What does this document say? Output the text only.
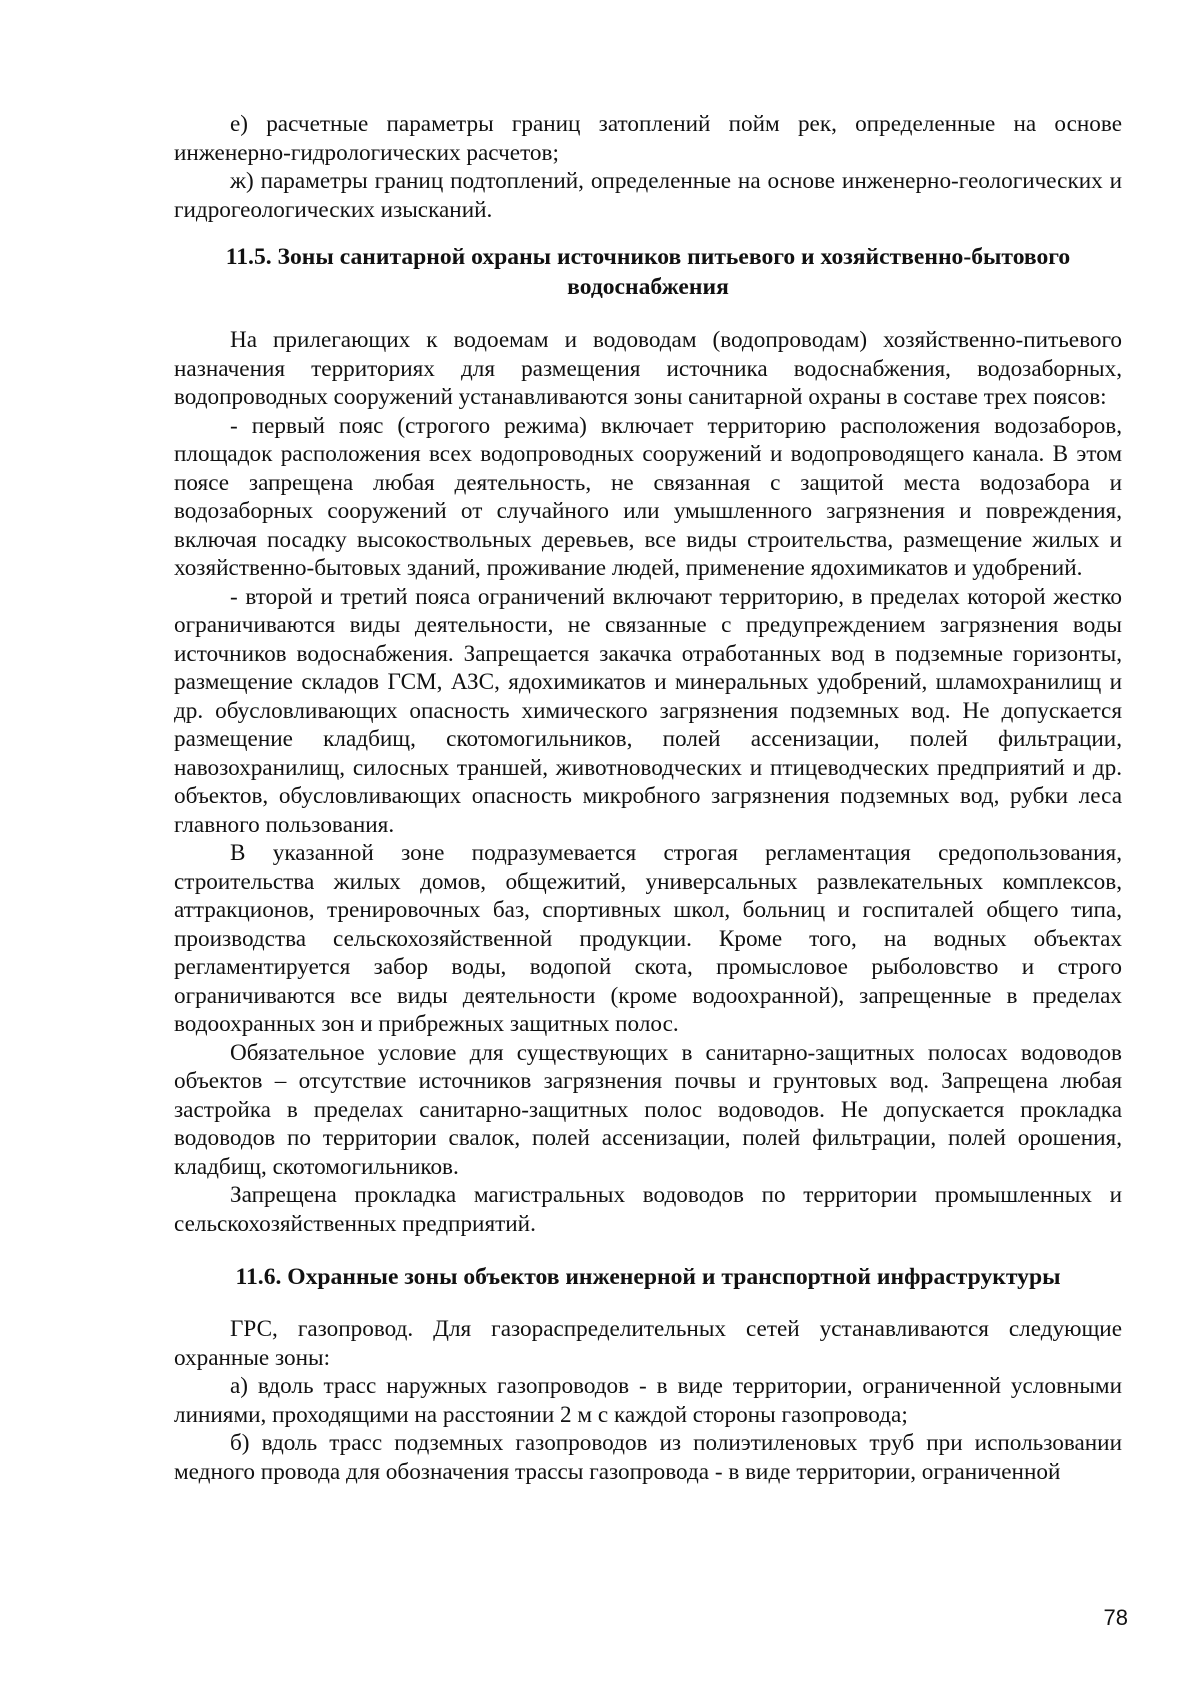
е) расчетные параметры границ затоплений пойм рек, определенные на основе инженерно-гидрологических расчетов;

ж) параметры границ подтоплений, определенные на основе инженерно-геологических и гидрогеологических изысканий.

11.5. Зоны санитарной охраны источников питьевого и хозяйственно-бытового водоснабжения

На прилегающих к водоемам и водоводам (водопроводам) хозяйственно-питьевого назначения территориях для размещения источника водоснабжения, водозаборных, водопроводных сооружений устанавливаются зоны санитарной охраны в составе трех поясов:

- первый пояс (строгого режима) включает территорию расположения водозаборов, площадок расположения всех водопроводных сооружений и водопроводящего канала. В этом поясе запрещена любая деятельность, не связанная с защитой места водозабора и водозаборных сооружений от случайного или умышленного загрязнения и повреждения, включая посадку высокоствольных деревьев, все виды строительства, размещение жилых и хозяйственно-бытовых зданий, проживание людей, применение ядохимикатов и удобрений.

- второй и третий пояса ограничений включают территорию, в пределах которой жестко ограничиваются виды деятельности, не связанные с предупреждением загрязнения воды источников водоснабжения. Запрещается закачка отработанных вод в подземные горизонты, размещение складов ГСМ, АЗС, ядохимикатов и минеральных удобрений, шламохранилищ и др. обусловливающих опасность химического загрязнения подземных вод. Не допускается размещение кладбищ, скотомогильников, полей ассенизации, полей фильтрации, навозохранилищ, силосных траншей, животноводческих и птицеводческих предприятий и др. объектов, обусловливающих опасность микробного загрязнения подземных вод, рубки леса главного пользования.

В указанной зоне подразумевается строгая регламентация средопользования, строительства жилых домов, общежитий, универсальных развлекательных комплексов, аттракционов, тренировочных баз, спортивных школ, больниц и госпиталей общего типа, производства сельскохозяйственной продукции. Кроме того, на водных объектах регламентируется забор воды, водопой скота, промысловое рыболовство и строго ограничиваются все виды деятельности (кроме водоохранной), запрещенные в пределах водоохранных зон и прибрежных защитных полос.

Обязательное условие для существующих в санитарно-защитных полосах водоводов объектов – отсутствие источников загрязнения почвы и грунтовых вод. Запрещена любая застройка в пределах санитарно-защитных полос водоводов. Не допускается прокладка водоводов по территории свалок, полей ассенизации, полей фильтрации, полей орошения, кладбищ, скотомогильников.

Запрещена прокладка магистральных водоводов по территории промышленных и сельскохозяйственных предприятий.

11.6. Охранные зоны объектов инженерной и транспортной инфраструктуры

ГРС, газопровод. Для газораспределительных сетей устанавливаются следующие охранные зоны:

а) вдоль трасс наружных газопроводов - в виде территории, ограниченной условными линиями, проходящими на расстоянии 2 м с каждой стороны газопровода;

б) вдоль трасс подземных газопроводов из полиэтиленовых труб при использовании медного провода для обозначения трассы газопровода - в виде территории, ограниченной

78
